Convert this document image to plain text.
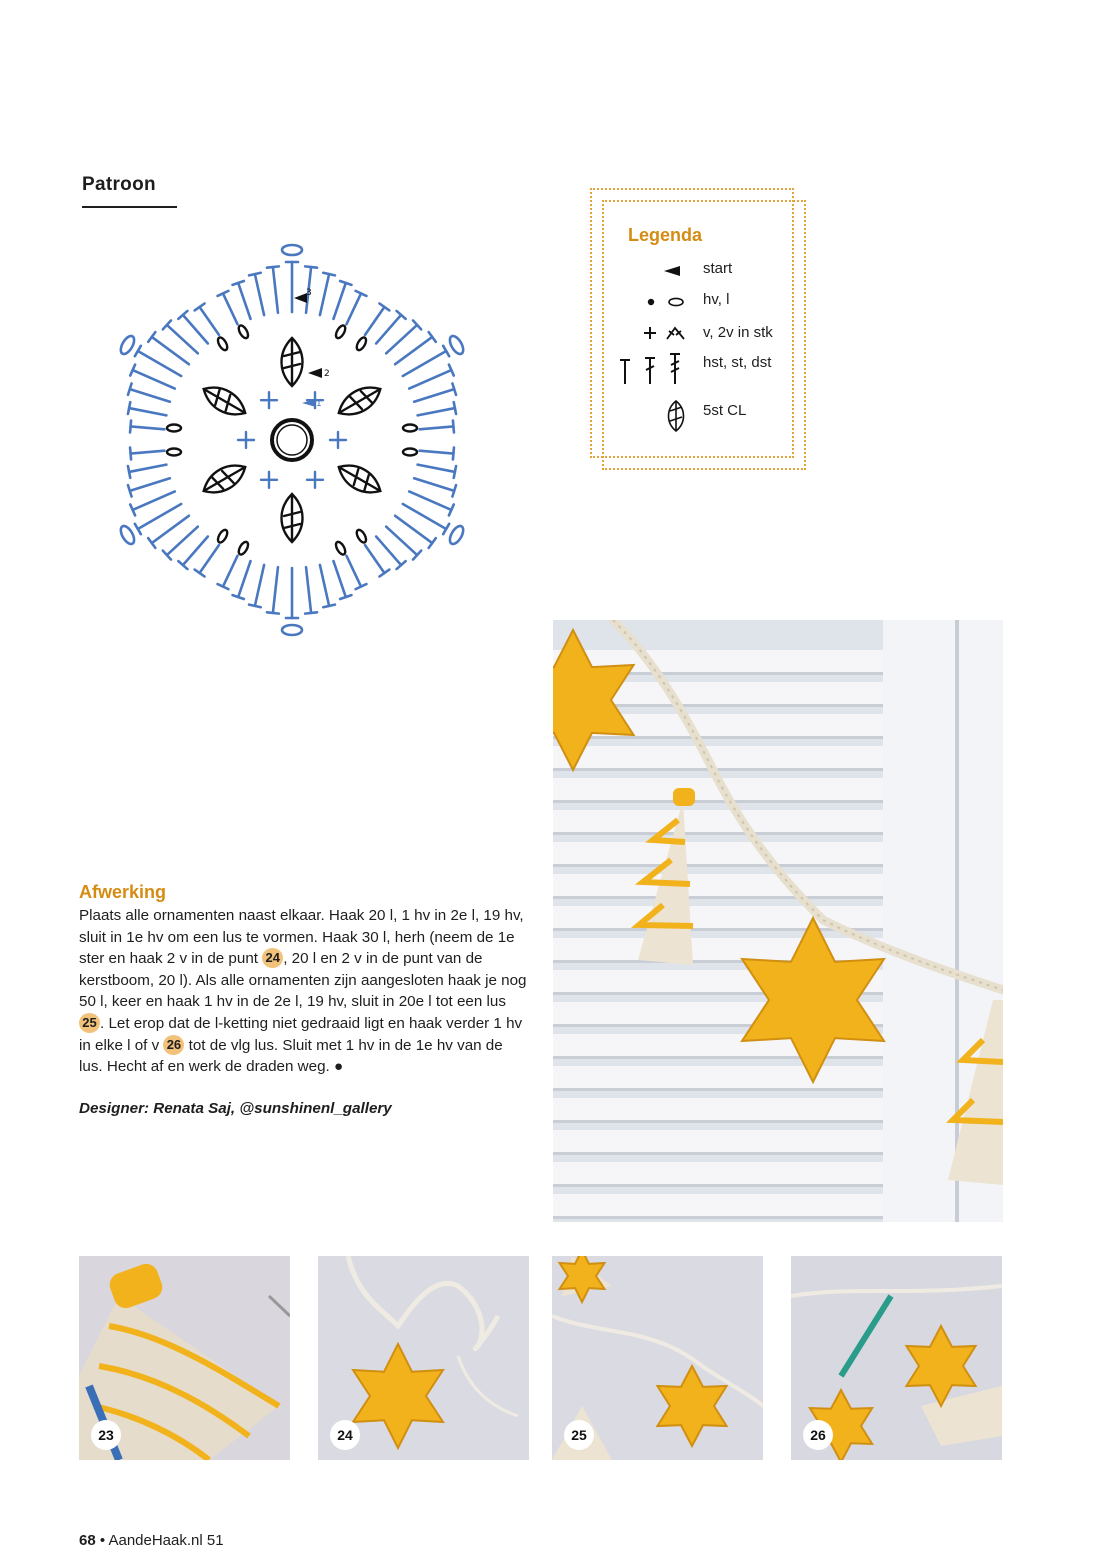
Patroon
3
2
1
Legenda
start
hv, l
v, 2v in stk
hst, st, dst
5st CL
Afwerking
Plaats alle ornamenten naast elkaar. Haak 20 l, 1 hv in 2e l, 19 hv, sluit in 1e hv om een lus te vormen. Haak 30 l, herh (neem de 1e ster en haak 2 v in de punt 24 , 20 l en 2 v in de punt van de kerstboom, 20 l). Als alle ornamenten zijn aangesloten haak je nog 50 l, keer en haak 1 hv in de 2e l, 19 hv, sluit in 20e l tot een lus 25 . Let erop dat de l-ketting niet gedraaid ligt en haak verder 1 hv in elke l of v 26 tot de vlg lus. Sluit met 1 hv in de 1e hv van de lus. Hecht af en werk de draden weg. ●
Designer: Renata Saj, @sunshinenl_gallery
23	24	25	26
68 • AandeHaak.nl 51
